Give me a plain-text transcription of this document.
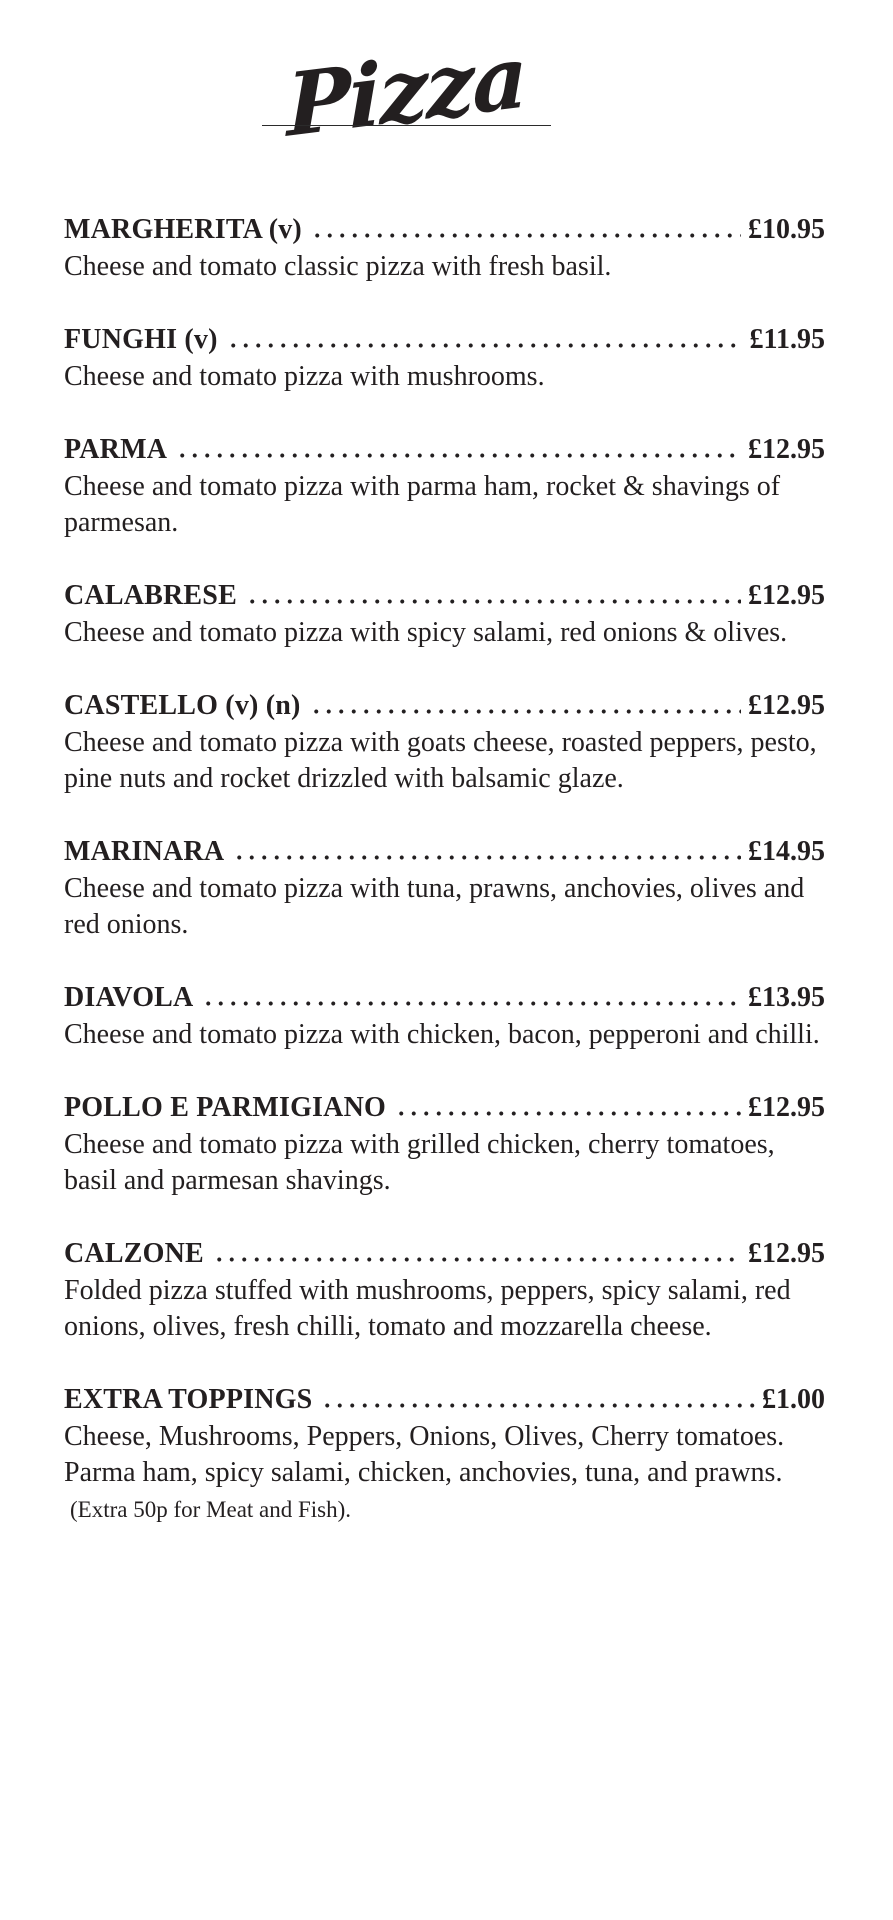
Pizza
MARGHERITA (v)	£10.95

Cheese and tomato classic pizza with fresh basil.

FUNGHI (v)	£11.95

Cheese and tomato pizza with mushrooms.

PARMA	£12.95

Cheese and tomato pizza with parma ham, rocket & shavings of parmesan.

CALABRESE	£12.95

Cheese and tomato pizza with spicy salami, red onions & olives.

CASTELLO (v) (n)	£12.95

Cheese and tomato pizza with goats cheese, roasted peppers, pesto, pine nuts and rocket drizzled with balsamic glaze.

MARINARA	£14.95

Cheese and tomato pizza with tuna, prawns, anchovies, olives and red onions.

DIAVOLA	£13.95

Cheese and tomato pizza with chicken, bacon, pepperoni and chilli.

POLLO E PARMIGIANO	£12.95

Cheese and tomato pizza with grilled chicken, cherry tomatoes, basil and parmesan shavings.

CALZONE	£12.95

Folded pizza stuffed with mushrooms, peppers, spicy salami, red onions, olives, fresh chilli, tomato and mozzarella cheese.

EXTRA TOPPINGS	£1.00

Cheese, Mushrooms, Peppers, Onions, Olives, Cherry tomatoes. Parma ham, spicy salami, chicken, anchovies, tuna, and prawns.(Extra 50p for Meat and Fish).
